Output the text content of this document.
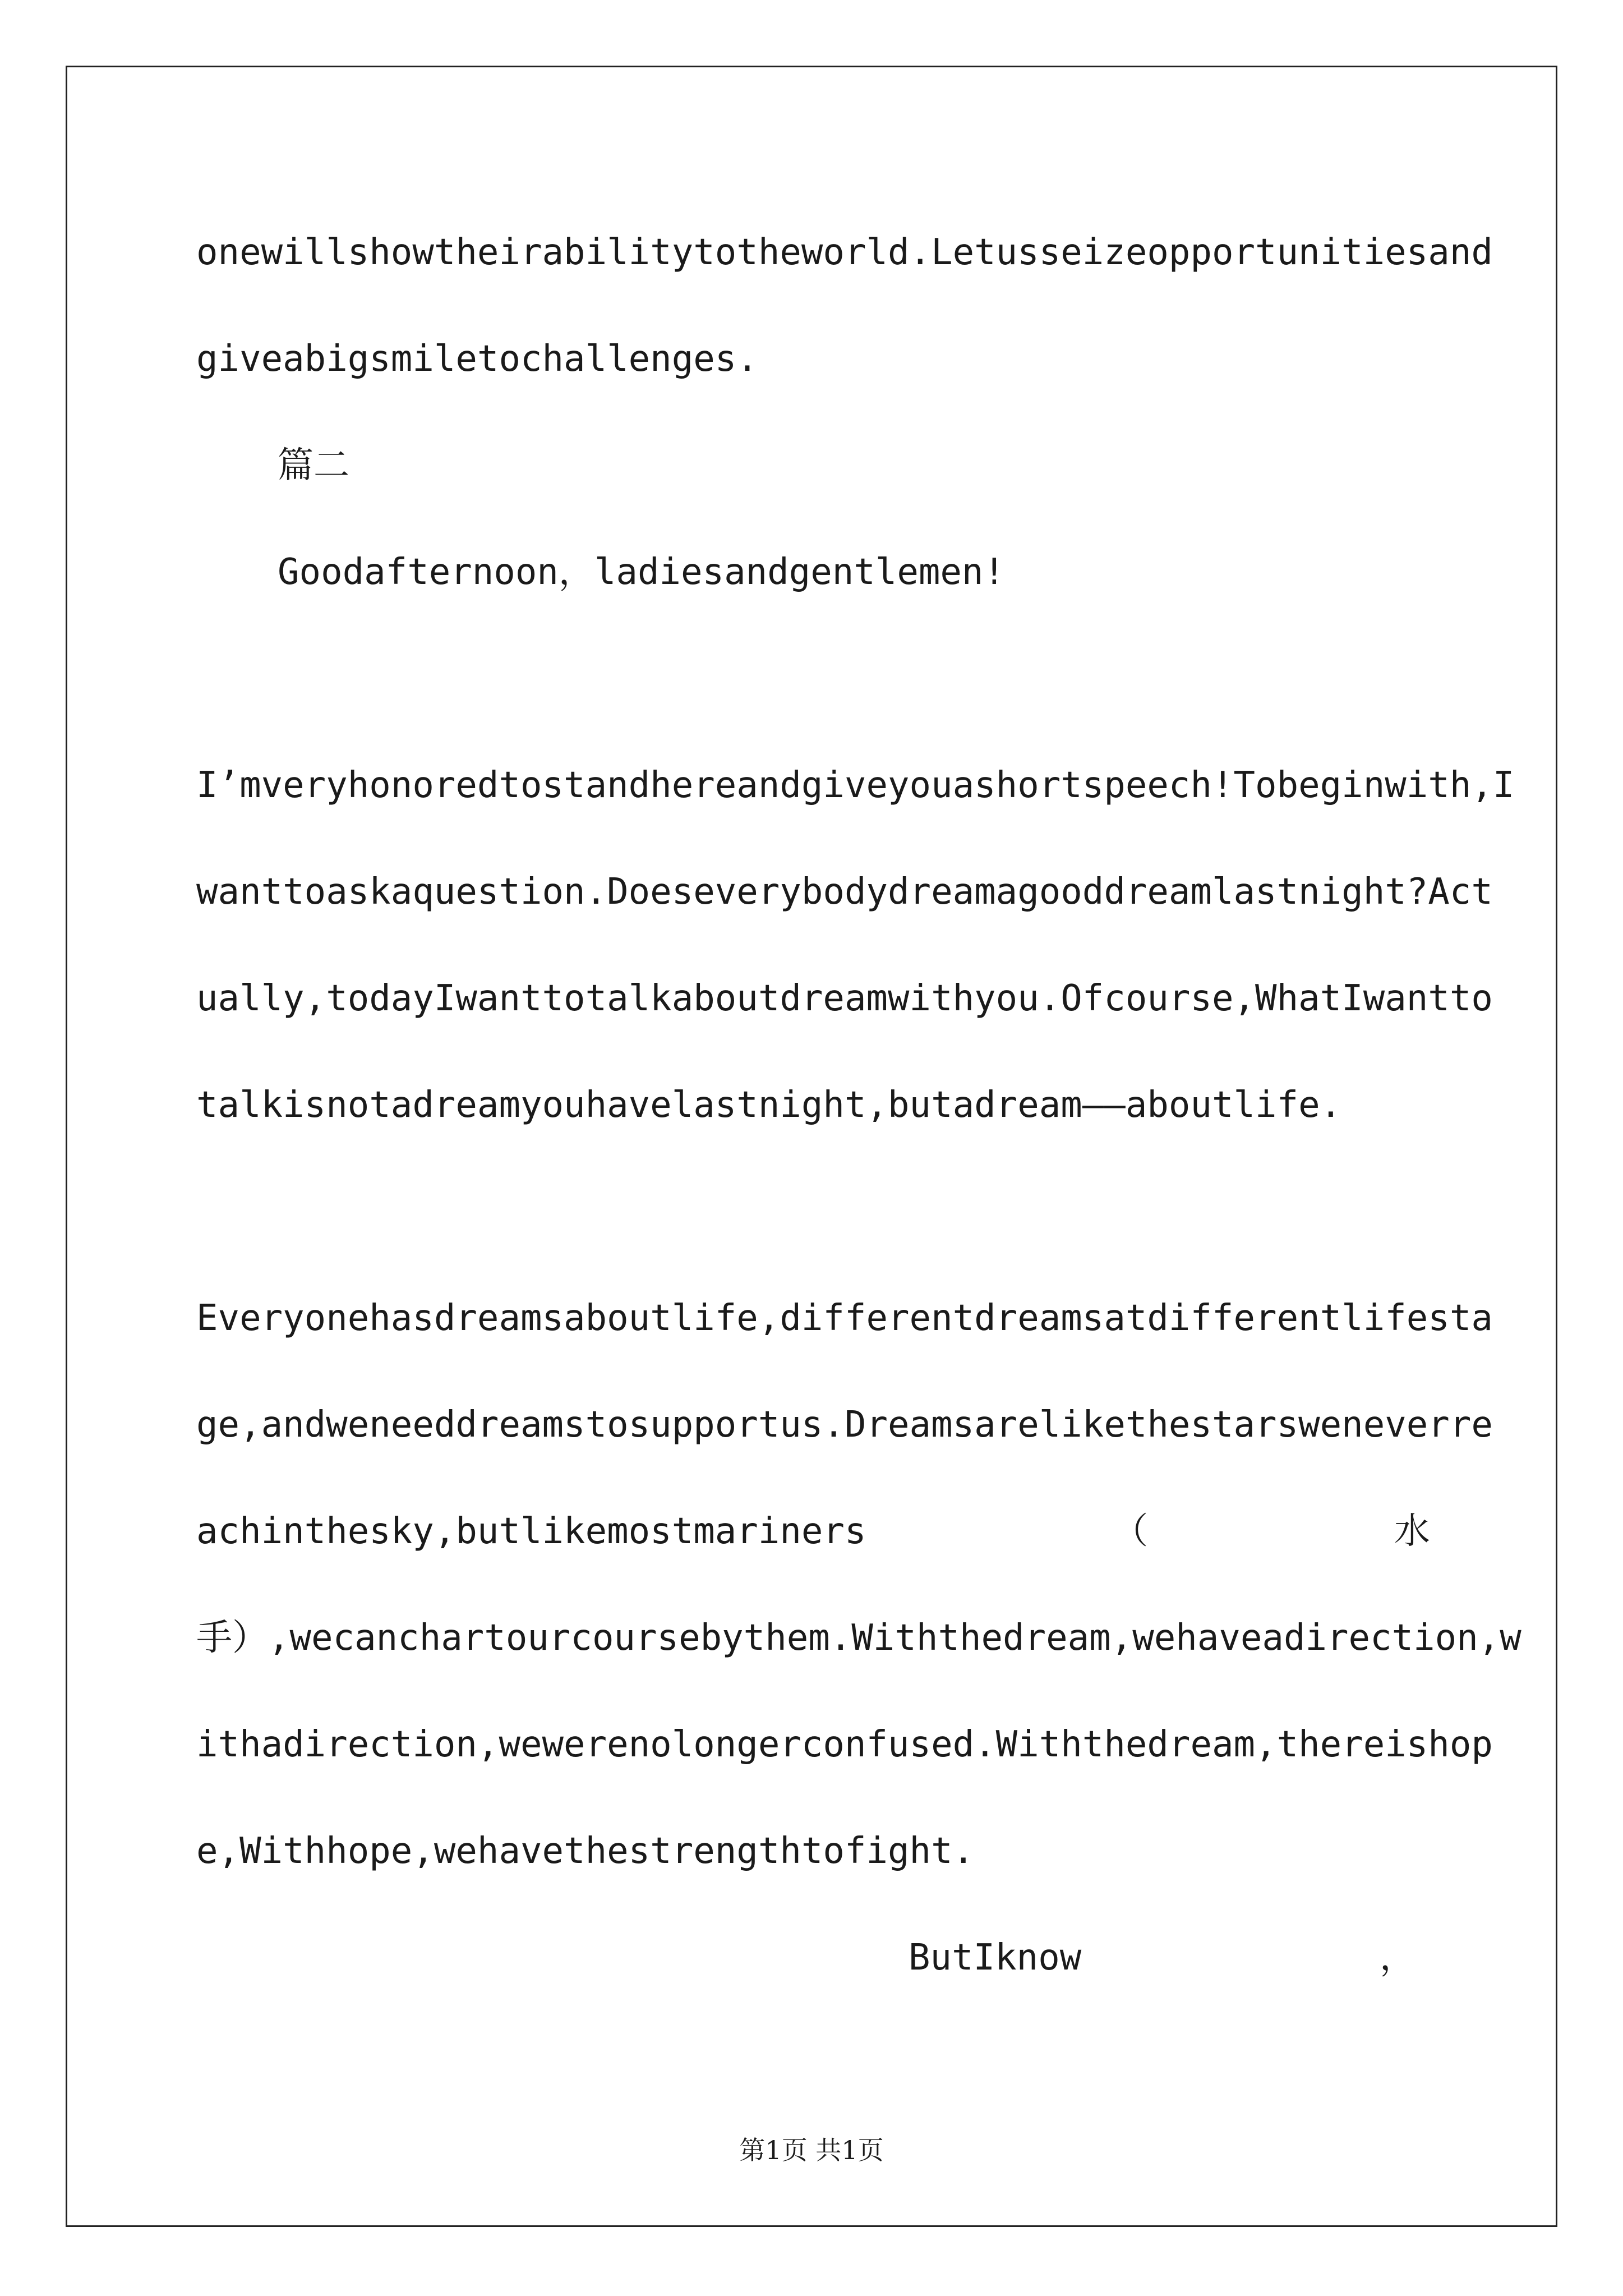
onewillshowtheirabilitytotheworld.Letusseizeopportunitiesand
giveabigsmiletochallenges.
篇二
Goodafternoon，ladiesandgentlemen!
I’mveryhonoredtostandhereandgiveyouashortspeech!Tobeginwith,I
wanttoaskaquestion.Doeseverybodydreamagooddreamlastnight?Act
ually,todayIwanttotalkaboutdreamwithyou.Ofcourse,WhatIwantto
talkisnotadreamyouhavelastnight,butadream——aboutlife.
Everyonehasdreamsaboutlife,differentdreamsatdifferentlifesta
ge,andweneeddreamstosupportus.Dreamsarelikethestarsweneverre
achinthesky,butlikemostmariners	（	水
手）,wecanchartourcoursebythem.Withthedream,wehaveadirection,w
ithadirection,wewerenolongerconfused.Withthedream,thereishop
e,Withhope,wehavethestrengthtofight.
ButIknow	，
第1页 共1页
